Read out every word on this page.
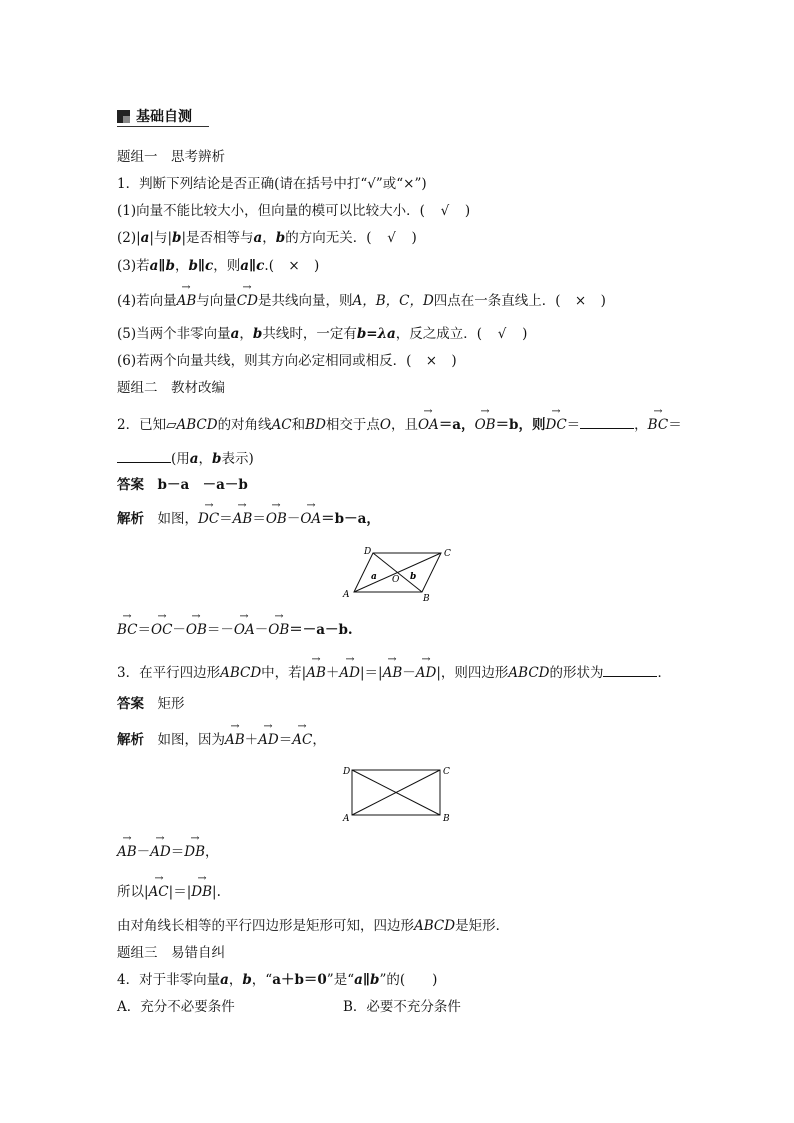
基础自测
题组一　思考辨析
1．判断下列结论是否正确(请在括号中打“√”或“×”)
(1)向量不能比较大小，但向量的模可以比较大小．( √ )
(2)|a|与|b|是否相等与a，b的方向无关．( √ )
(3)若a∥b，b∥c，则a∥c.( × )
(4)若向量→ AB与向量→ CD是共线向量，则A，B，C，D四点在一条直线上．( × )
(5)当两个非零向量a，b共线时，一定有b=λa，反之成立．( √ )
(6)若两个向量共线，则其方向必定相同或相反．( × )
题组二　教材改编
2．已知▱ABCD的对角线AC和BD相交于点O，且→ OA＝a，→ OB＝b，则→ DC＝	，→ BC＝
(用a，b表示)
答案　 b－a　－a－b
解析　 如图，→ DC＝→ AB＝→ OB－→ OA＝b－a，
D	C
A	B
O
a	b
→ BC＝→ OC－→ OB＝－→ OA－→ OB＝－a－b.
3．在平行四边形ABCD中，若|→ AB＋→ AD|＝|→ AB－→ AD|，则四边形ABCD的形状为	．
答案　 矩形
解析　 如图，因为→ AB＋→ AD＝→ AC，
D	C
A	B
→ AB－→ AD＝→ DB，
所以|→ AC|＝|→ DB|.
由对角线长相等的平行四边形是矩形可知，四边形ABCD是矩形．
题组三　易错自纠
4．对于非零向量a，b，“a＋b＝0”是“a∥b”的(　　)
A．充分不必要条件	B．必要不充分条件
